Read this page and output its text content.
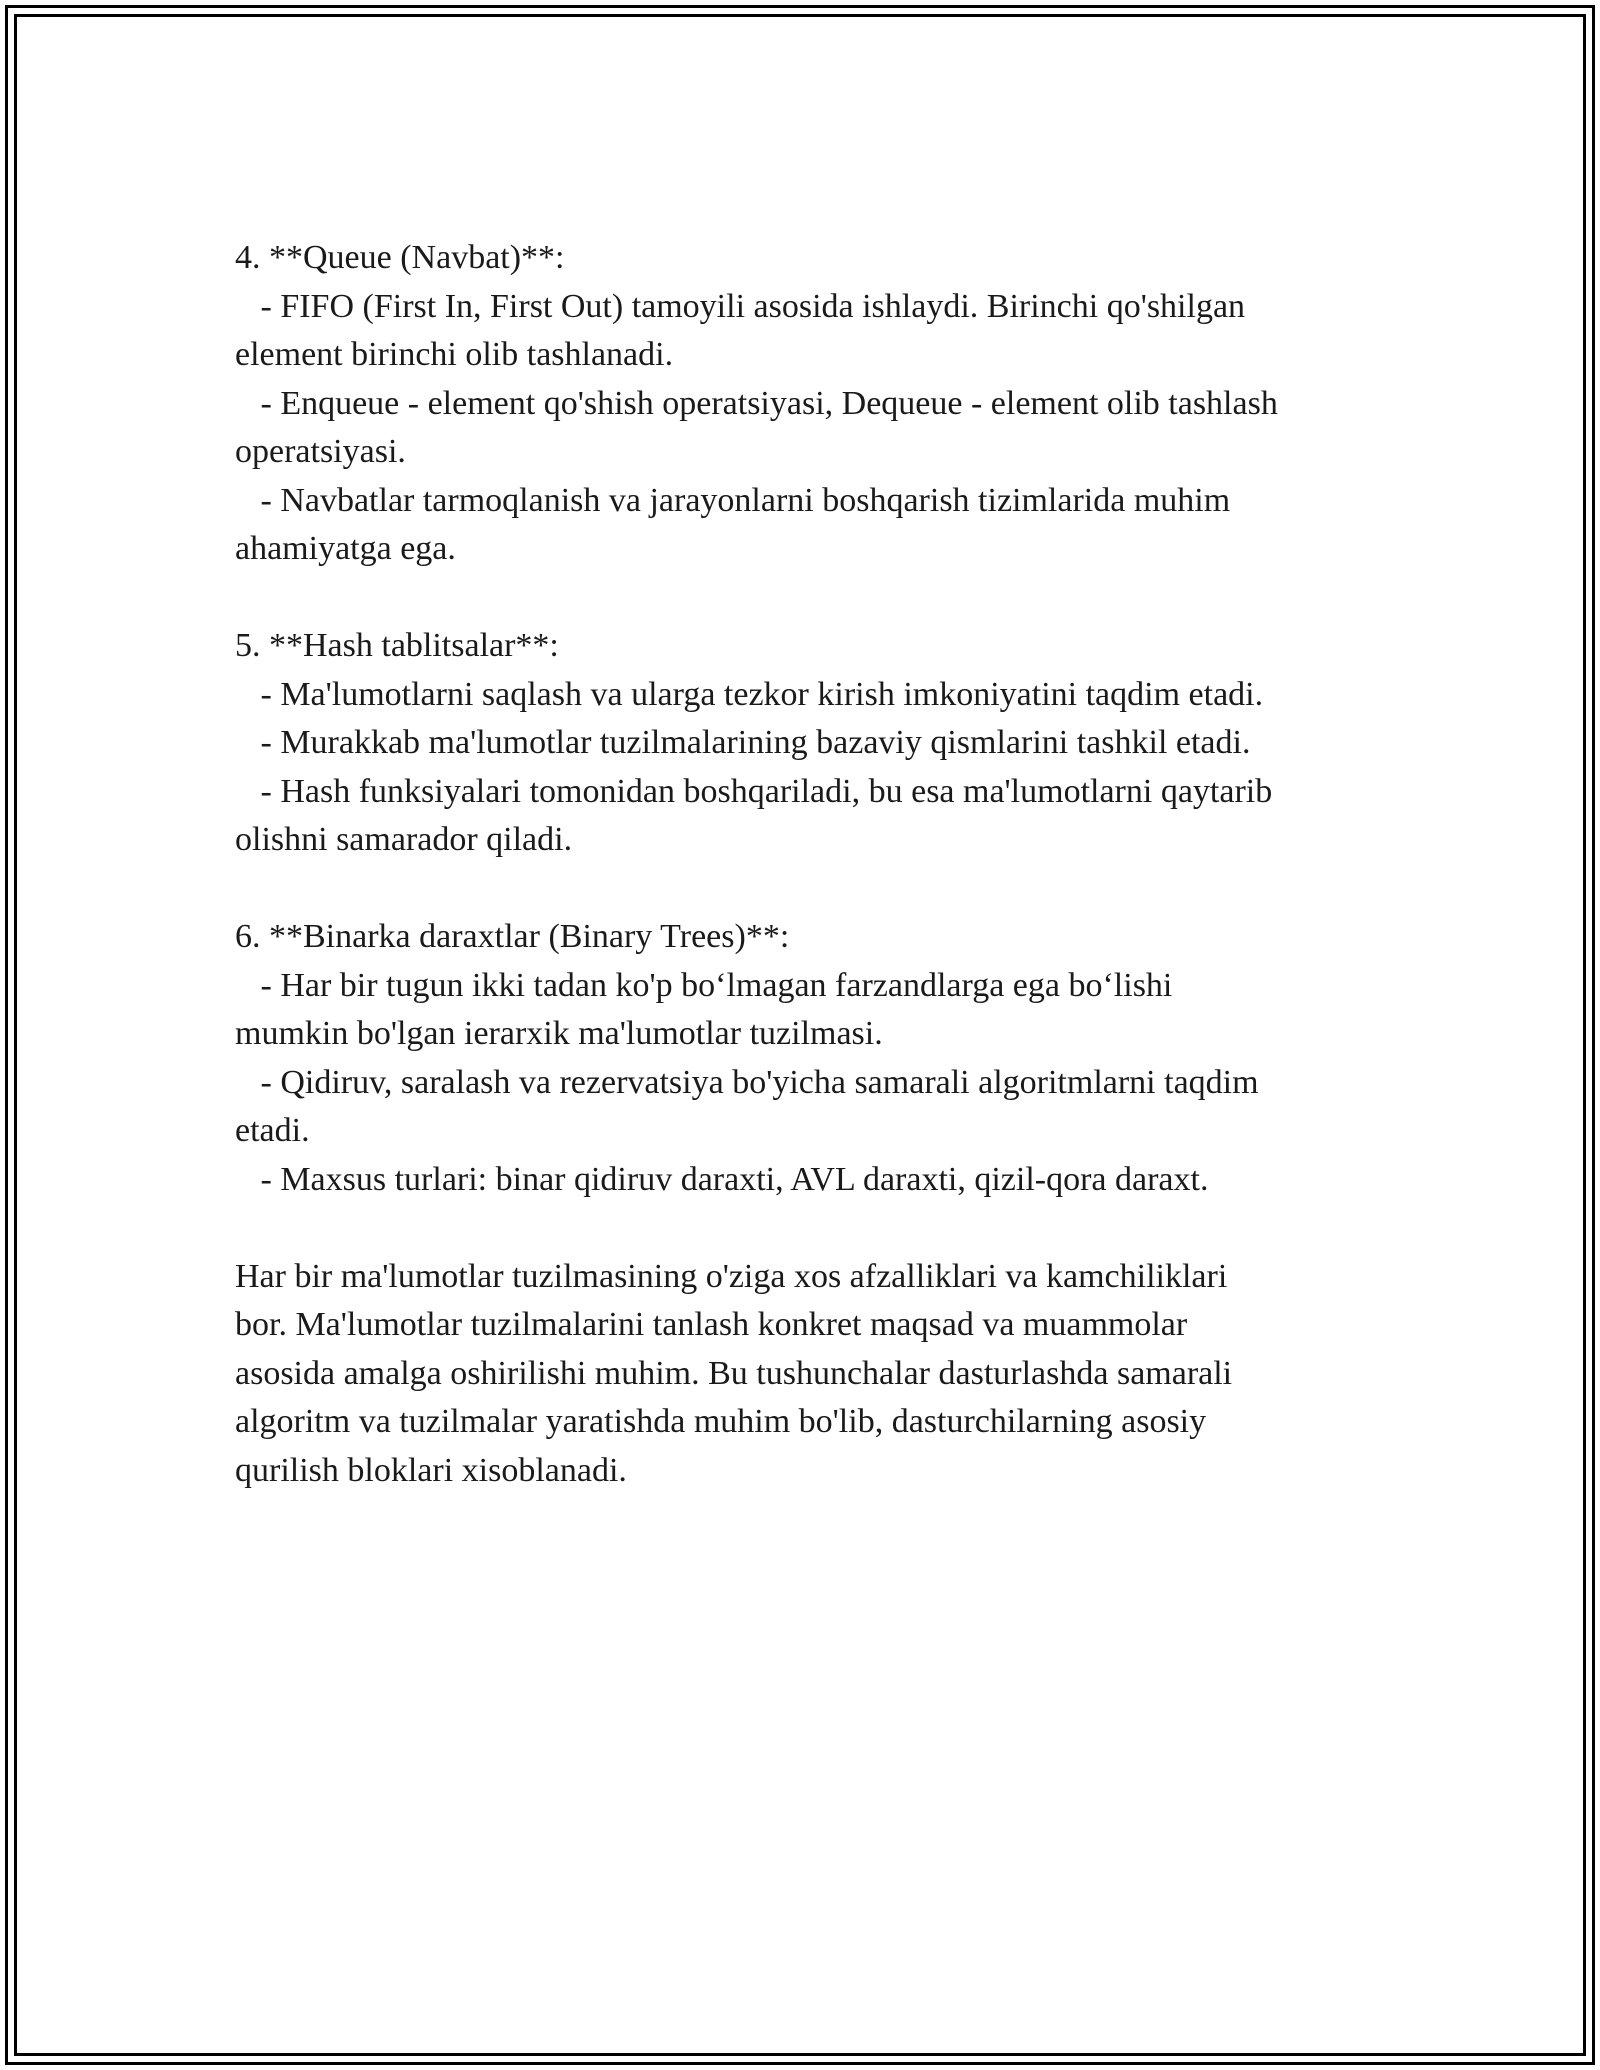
4. **Queue (Navbat)**:
- FIFO (First In, First Out) tamoyili asosida ishlaydi. Birinchi qo'shilgan
element birinchi olib tashlanadi.
- Enqueue - element qo'shish operatsiyasi, Dequeue - element olib tashlash
operatsiyasi.
- Navbatlar tarmoqlanish va jarayonlarni boshqarish tizimlarida muhim
ahamiyatga ega.
5. **Hash tablitsalar**:
- Ma'lumotlarni saqlash va ularga tezkor kirish imkoniyatini taqdim etadi.
- Murakkab ma'lumotlar tuzilmalarining bazaviy qismlarini tashkil etadi.
- Hash funksiyalari tomonidan boshqariladi, bu esa ma'lumotlarni qaytarib
olishni samarador qiladi.
6. **Binarka daraxtlar (Binary Trees)**:
- Har bir tugun ikki tadan ko'p bo‘lmagan farzandlarga ega bo‘lishi
mumkin bo'lgan ierarxik ma'lumotlar tuzilmasi.
- Qidiruv, saralash va rezervatsiya bo'yicha samarali algoritmlarni taqdim
etadi.
- Maxsus turlari: binar qidiruv daraxti, AVL daraxti, qizil-qora daraxt.
Har bir ma'lumotlar tuzilmasining o'ziga xos afzalliklari va kamchiliklari
bor. Ma'lumotlar tuzilmalarini tanlash konkret maqsad va muammolar
asosida amalga oshirilishi muhim. Bu tushunchalar dasturlashda samarali
algoritm va tuzilmalar yaratishda muhim bo'lib, dasturchilarning asosiy
qurilish bloklari xisoblanadi.
